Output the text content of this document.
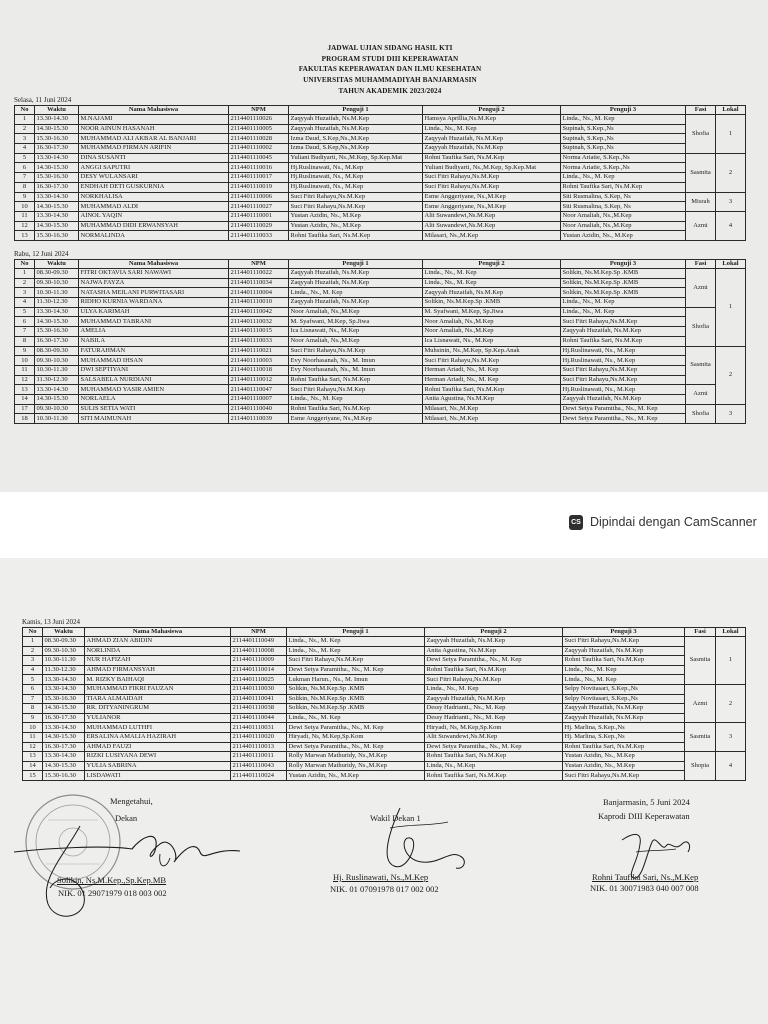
JADWAL UJIAN SIDANG HASIL KTI
PROGRAM STUDI DIII KEPERAWATAN
FAKULTAS KEPERAWATAN DAN ILMU KESEHATAN
UNIVERSITAS MUHAMMADIYAH BANJARMASIN
TAHUN AKADEMIK 2023/2024
Selasa, 11 Juni 2024
Rabu, 12 Juni 2024
Kamis, 13 Juni 2024
CS Dipindai dengan CamScanner
Mengetahui,
Dekan
Solikin, Ns.M.Kep.,Sp.Kep.MB
NIK. 01 29071979 018 003 002
Wakil Dekan 1
Hj. Ruslinawati, Ns.,M.Kep
NIK. 01 07091978 017 002 002
Banjarmasin, 5 Juni 2024
Kaprodi DIII Keperawatan
Rohni Taufika Sari, Ns.,M.Kep
NIK. 01 30071983 040 007 008
No	Waktu	Nama Mahasiswa	NPM	Penguji 1	Penguji 2	Penguji 3	Fasi	Lokal
1	13.30-14.30	M.NAJAMI	2114401110026	Zaqyyah Huzaifah, Ns.M.Kep	Hamsya Aprillia,Ns.M.Kep	Linda., Ns., M. Kep	Shofia	1
2	14.30-15.30	NOOR AINUN HASANAH	2114401110005	Zaqyyah Huzaifah, Ns.M.Kep	Linda., Ns., M. Kep	Supinah, S.Kep.,Ns		
3	15.30-16.30	MUHAMMAD ALI AKBAR AL BANJARI	2114401110028	Izma Daud, S.Kep,Ns.,M.Kep	Zaqyyah Huzaifah, Ns.M.Kep	Supinah, S.Kep.,Ns		
4	16.30-17.30	MUHAMMAD FIRMAN ARIFIN	2114401110002	Izma Daud, S.Kep,Ns.,M.Kep	Zaqyyah Huzaifah, Ns.M.Kep	Supinah, S.Kep.,Ns		
5	13.30-14.30	DINA SUSANTI	2114401110045	Yuliani Budiyarti, Ns.,M.Kep, Sp.Kep.Mat	Rohni Taufika Sari, Ns.M.Kep	Norma Ariatie, S.Kep.,Ns	Sasmita	2
6	14.30-15.30	ANGGI SAPUTRI	2114401110016	Hj.Ruslinawati, Ns., M.Kep	Yuliani Budiyarti, Ns.,M.Kep, Sp.Kep.Mat	Norma Ariatie, S.Kep.,Ns		
7	15.30-16.30	DESY WULANSARI	2114401110017	Hj.Ruslinawati, Ns., M.Kep	Suci Fitri Rahayu,Ns.M.Kep	Linda., Ns., M. Kep		
8	16.30-17.30	ENDHAH DETI GUSKURNIA	2114401110019	Hj.Ruslinawati, Ns., M.Kep	Suci Fitri Rahayu,Ns.M.Kep	Rohni Taufika Sari, Ns.M.Kep		
9	13.30-14.30	NORKHALISA	2114401110006	Suci Fitri Rahayu,Ns.M.Kep	Esme Anggeriyane, Ns.,M.Kep	Siti Rusmalina, S.Kep, Ns	Misrah	3
10	14.30-15.30	MUHAMMAD ALDI	2114401110027	Suci Fitri Rahayu,Ns.M.Kep	Esme Anggeriyane, Ns.,M.Kep	Siti Rusmalina, S.Kep, Ns		
11	13.30-14.30	AINOL YAQIN	2114401110001	Yustan Azidin, Ns., M.Kep	Alit Suwandewi,Ns.M.Kep	Noor Amaliah, Ns.,M.Kep	Azmi	4
12	14.30-15.30	MUHAMMAD DIDI ERWANSYAH	2114401110029	Yustan Azidin, Ns., M.Kep	Alit Suwandewi,Ns.M.Kep	Noor Amaliah, Ns.,M.Kep		
13	15.30-16.30	NORMALINDA	2114401110033	Rohni Taufika Sari, Ns.M.Kep	Milasari, Ns.,M.Kep	Yustan Azidin, Ns., M.Kep		
No	Waktu	Nama Mahasiswa	NPM	Penguji 1	Penguji 2	Penguji 3	Fasi	Lokal
1	08.30-09.30	FITRI OKTAVIA SARI NAWAWI	2114401110022	Zaqyyah Huzaifah, Ns.M.Kep	Linda., Ns., M. Kep	Solikin, Ns.M.Kep.Sp .KMB	Azmi	1
2	09.30-10.30	NAJWA FAYZA	2114401110034	Zaqyyah Huzaifah, Ns.M.Kep	Linda., Ns., M. Kep	Solikin, Ns.M.Kep.Sp .KMB		
3	10.30-11.30	NATASHA MEILANI PURWITASARI	2114401110004	Linda., Ns., M. Kep	Zaqyyah Huzaifah, Ns.M.Kep	Solikin, Ns.M.Kep.Sp .KMB		
4	11.30-12.30	RIDHO KURNIA WARDANA	2114401110010	Zaqyyah Huzaifah, Ns.M.Kep	Solikin, Ns.M.Kep.Sp .KMB	Linda., Ns., M. Kep		
5	13.30-14.30	ULYA KARIMAH	2114401110042	Noor Amaliah, Ns.,M.Kep	M. Syafwani, M.Kep, Sp.Jiwa	Linda., Ns., M. Kep	Shofia	
6	14.30-15.30	MUHAMMAD TABRANI	2114401110032	M. Syafwani, M.Kep, Sp.Jiwa	Noor Amaliah, Ns.,M.Kep	Suci Fitri Rahayu,Ns.M.Kep		
7	15.30-16.30	AMELIA	2114401110015	Ica Lisnawati, Ns., M.Kep	Noor Amaliah, Ns.,M.Kep	Zaqyyah Huzaifah, Ns.M.Kep		
8	16.30-17.30	NABILA	2114401110033	Noor Amaliah, Ns.,M.Kep	Ica Lisnawati, Ns., M.Kep	Rohni Taufika Sari, Ns.M.Kep		
9	08.30-09.30	FATURAHMAN	2114401110021	Suci Fitri Rahayu,Ns.M.Kep	Muhsinin, Ns.,M.Kep, Sp.Kep.Anak	Hj.Ruslinawati, Ns., M.Kep	Sasmita	2
10	09.30-10.30	MUHAMMAD IHSAN	2114401110003	Evy Noorhasanah, Ns., M. Imun	Suci Fitri Rahayu,Ns.M.Kep	Hj.Ruslinawati, Ns., M.Kep		
11	10.30-11.30	DWI SEPTIYANI	2114401110018	Evy Noorhasanah, Ns., M. Imun	Herman Ariadi, Ns., M. Kep	Suci Fitri Rahayu,Ns.M.Kep		
12	11.30-12.30	SALSABELA NURDIANI	2114401110012	Rohni Taufika Sari, Ns.M.Kep	Herman Ariadi, Ns., M. Kep	Suci Fitri Rahayu,Ns.M.Kep		
13	13.30-14.30	MUHAMMAD YASIR AMIEN	2114401110047	Suci Fitri Rahayu,Ns.M.Kep	Rohni Taufika Sari, Ns.M.Kep	Hj.Ruslinawati, Ns., M.Kep	Azmi	
14	14.30-15.30	NORLAELA	2114401110007	Linda., Ns., M. Kep	Anita Agustina, Ns.M.Kep	Zaqyyah Huzaifah, Ns.M.Kep		
17	09.30-10.30	SULIS SETIA WATI	2114401110040	Rohni Taufika Sari, Ns.M.Kep	Milasari, Ns.,M.Kep	Dewi Setya Paramitha., Ns., M. Kep	Shofia	3
18	10.30-11.30	SITI MAIMUNAH	2114401110039	Esme Anggeriyane, Ns.,M.Kep	Milasari, Ns.,M.Kep	Dewi Setya Paramitha., Ns., M. Kep		
No	Waktu	Nama Mahasiswa	NPM	Penguji 1	Penguji 2	Penguji 3	Fasi	Lokal
1	08.30-09.30	AHMAD ZIAN ABIDIN	2114401110049	Linda., Ns., M. Kep	Zaqyyah Huzaifah, Ns.M.Kep	Suci Fitri Rahayu,Ns.M.Kep	Sasmita	1
2	09.30-10.30	NORLINDA	2114401110008	Linda., Ns., M. Kep	Anita Agustina, Ns.M.Kep	Zaqyyah Huzaifah, Ns.M.Kep		
3	10.30-11.30	NUR HAFIZAH	2114401110009	Suci Fitri Rahayu,Ns.M.Kep	Dewi Setya Paramitha., Ns., M. Kep	Rohni Taufika Sari, Ns.M.Kep		
4	11.30-12.30	AHMAD FIRMANSYAH	2114401110014	Dewi Setya Paramitha., Ns., M. Kep	Rohni Taufika Sari, Ns.M.Kep	Linda., Ns., M. Kep		
5	13.30-14.30	M. RIZKY BAIHAQI	2114401110025	Lukman Harun., Ns., M. Imun	Suci Fitri Rahayu,Ns.M.Kep	Linda., Ns., M. Kep		
6	13.30-14.30	MUHAMMAD FIKRI FAUZAN	2114401110030	Solikin, Ns.M.Kep.Sp .KMB	Linda., Ns., M. Kep	Selpy Novitasari, S.Kep.,Ns	Azmi	2
7	15.30-16.30	TIARA ALMAIDAH	2114401110041	Solikin, Ns.M.Kep.Sp .KMB	Zaqyyah Huzaifah, Ns.M.Kep	Selpy Novitasari, S.Kep.,Ns		
8	14.30-15.30	RR. DITYANINGRUM	2114401110038	Solikin, Ns.M.Kep.Sp .KMB	Dessy Hadrianti., Ns., M. Kep	Zaqyyah Huzaifah, Ns.M.Kep		
9	16.30-17.30	YULIANOR	2114401110044	Linda., Ns., M. Kep	Dessy Hadrianti., Ns., M. Kep	Zaqyyah Huzaifah, Ns.M.Kep		
10	13.30-14.30	MUHAMMAD LUTHFI	2114401110031	Dewi Setya Paramitha., Ns., M. Kep	Hiryadi, Ns, M.Kep,Sp.Kom	Hj. Marlina, S.Kep.,Ns	Sasmita	3
11	14.30-15.30	ERSALINA AMALIA HAZIRAH	2114401110020	Hiryadi, Ns, M.Kep,Sp.Kom	Alit Suwandewi,Ns.M.Kep	Hj. Marlina, S.Kep.,Ns		
12	16.30-17.30	AHMAD FAUZI	2114401110013	Dewi Setya Paramitha., Ns., M. Kep	Dewi Setya Paramitha., Ns., M. Kep	Rohni Taufika Sari, Ns.M.Kep		
13	13.30-14.30	RIZKI LUSIYANA DEWI	2114401110011	Rolly Marwan Mathuridy, Ns.,M.Kep	Rohni Taufika Sari, Ns.M.Kep	Yustan Azidin, Ns., M.Kep	Shopia	4
14	14.30-15.30	YULIA SABRINA	2114401110043	Rolly Marwan Mathuridy, Ns.,M.Kep	Linda, Ns., M.Kep	Yustan Azidin, Ns., M.Kep		
15	15.30-16.30	LISDAWATI	2114401110024	Yustan Azidin, Ns., M.Kep	Rohni Taufika Sari, Ns.M.Kep	Suci Fitri Rahayu,Ns.M.Kep		
